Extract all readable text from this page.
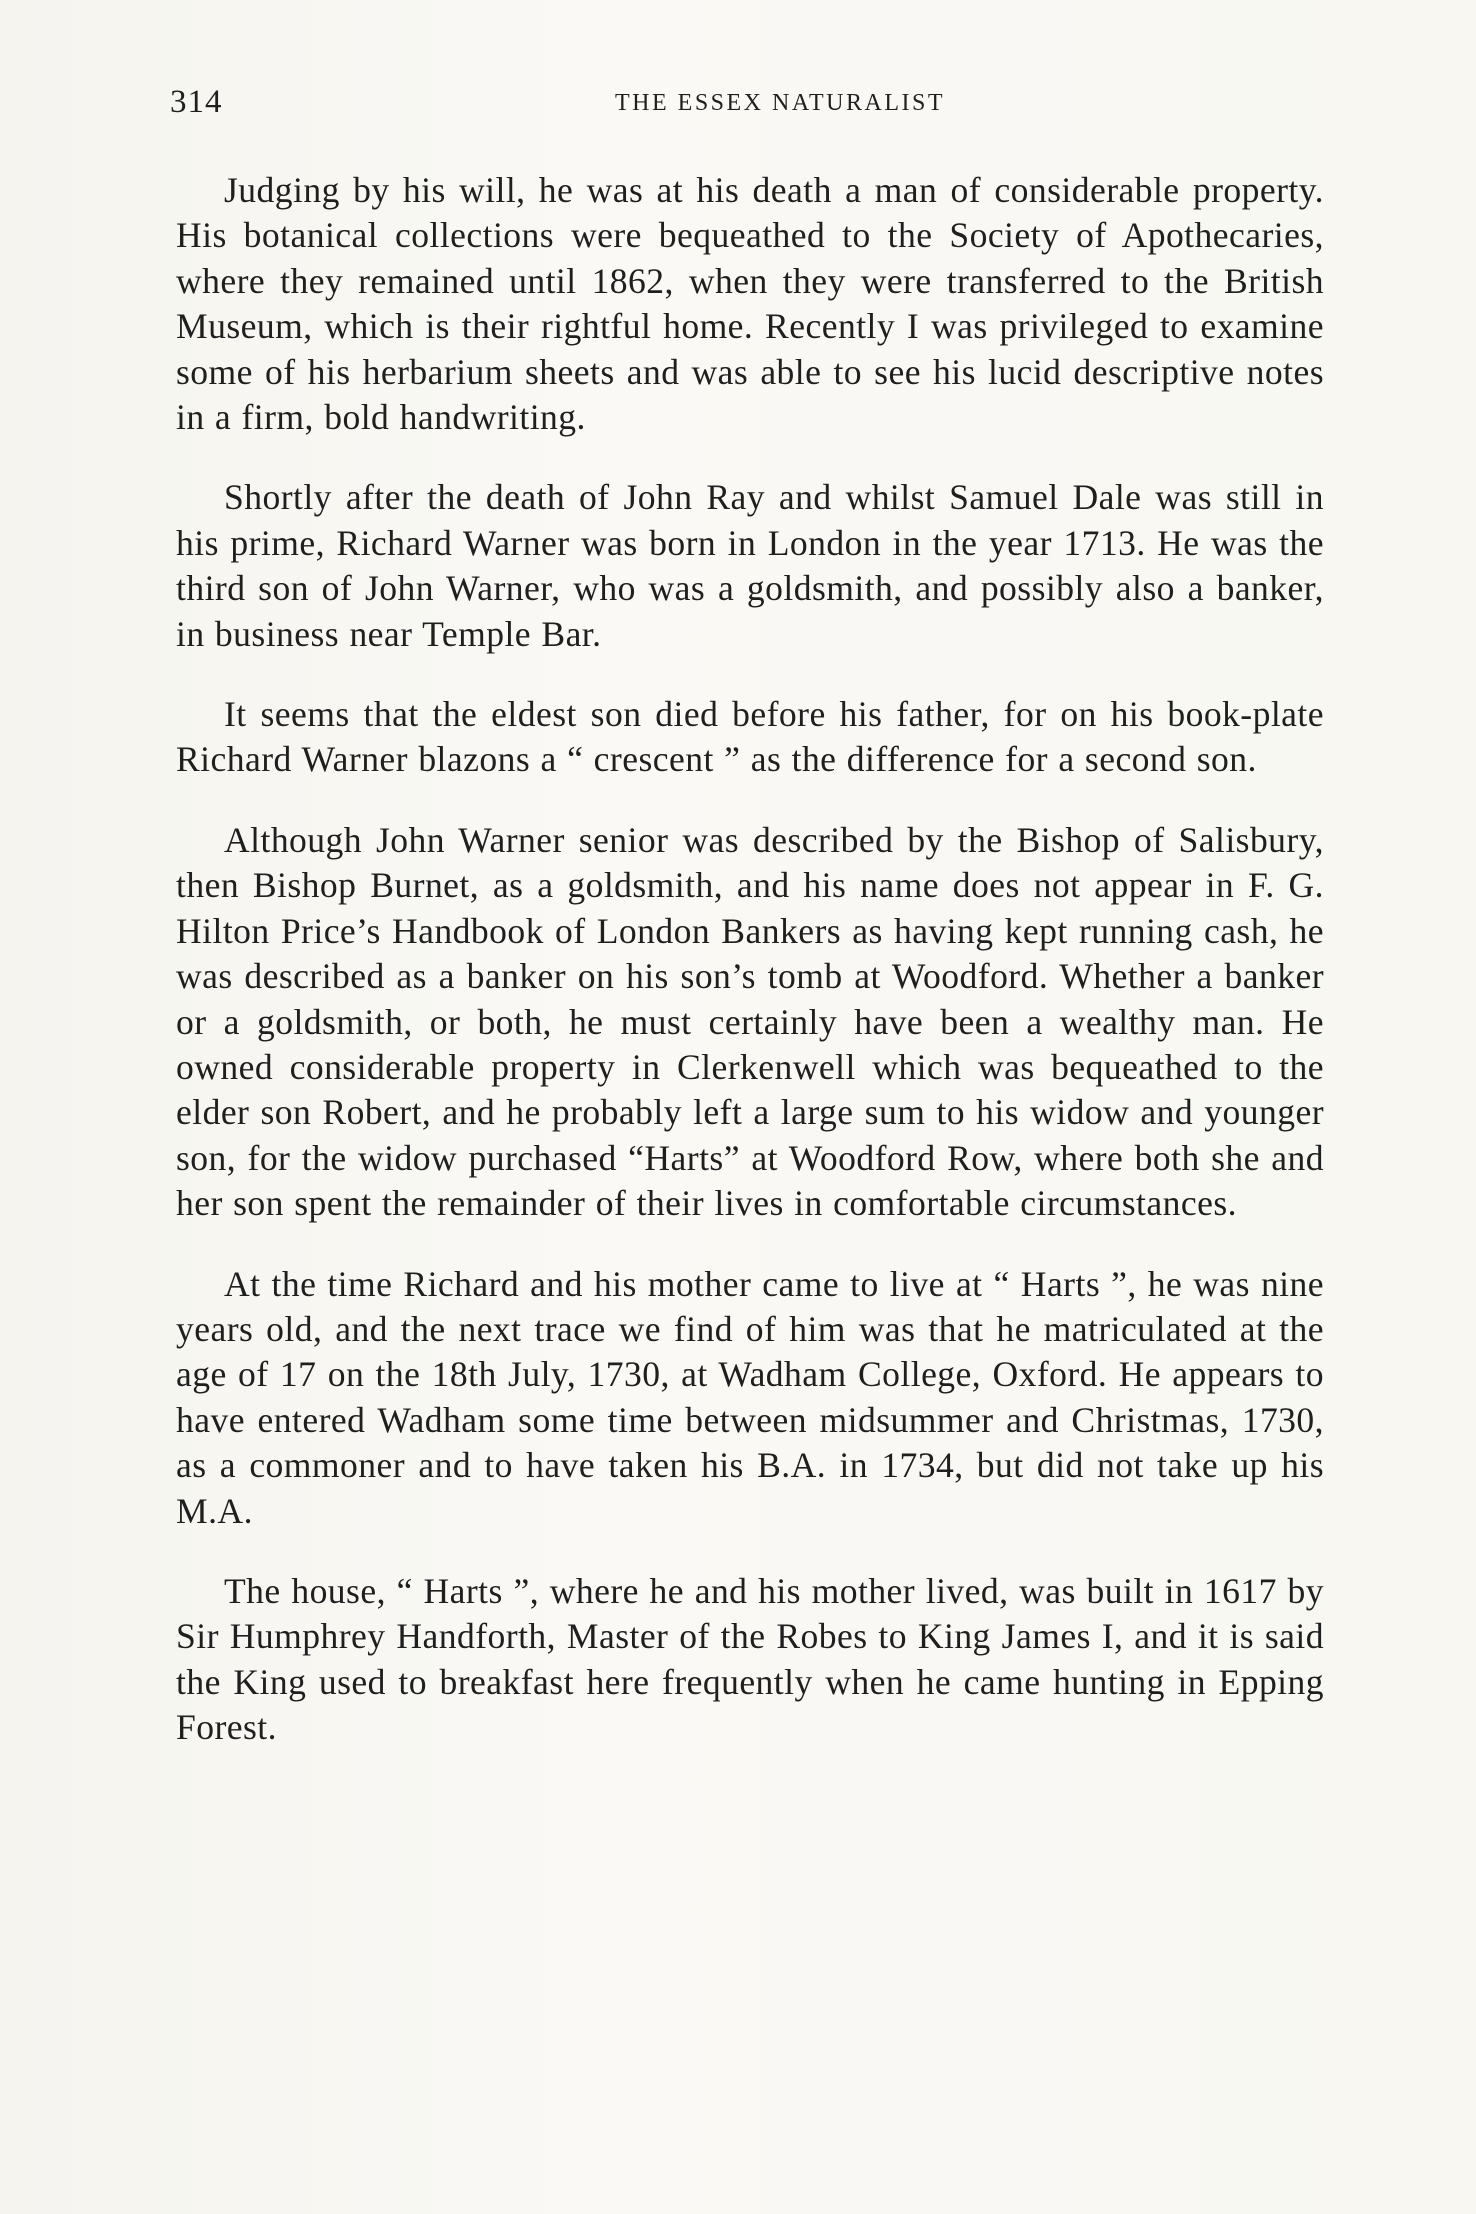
314	THE ESSEX NATURALIST

Judging by his will, he was at his death a man of considerable property. His botanical collections were bequeathed to the Society of Apothecaries, where they remained until 1862, when they were transferred to the British Museum, which is their rightful home. Recently I was privileged to examine some of his herbarium sheets and was able to see his lucid descriptive notes in a firm, bold handwriting.

Shortly after the death of John Ray and whilst Samuel Dale was still in his prime, Richard Warner was born in London in the year 1713. He was the third son of John Warner, who was a goldsmith, and possibly also a banker, in business near Temple Bar.

It seems that the eldest son died before his father, for on his book-plate Richard Warner blazons a “ crescent ” as the difference for a second son.

Although John Warner senior was described by the Bishop of Salisbury, then Bishop Burnet, as a goldsmith, and his name does not appear in F. G. Hilton Price’s Handbook of London Bankers as having kept running cash, he was described as a banker on his son’s tomb at Woodford. Whether a banker or a goldsmith, or both, he must certainly have been a wealthy man. He owned considerable property in Clerkenwell which was bequeathed to the elder son Robert, and he probably left a large sum to his widow and younger son, for the widow purchased “Harts” at Woodford Row, where both she and her son spent the remainder of their lives in comfortable circumstances.

At the time Richard and his mother came to live at “ Harts ”, he was nine years old, and the next trace we find of him was that he matriculated at the age of 17 on the 18th July, 1730, at Wadham College, Oxford. He appears to have entered Wadham some time between midsummer and Christmas, 1730, as a commoner and to have taken his B.A. in 1734, but did not take up his M.A.

The house, “ Harts ”, where he and his mother lived, was built in 1617 by Sir Humphrey Handforth, Master of the Robes to King James I, and it is said the King used to breakfast here frequently when he came hunting in Epping Forest.
